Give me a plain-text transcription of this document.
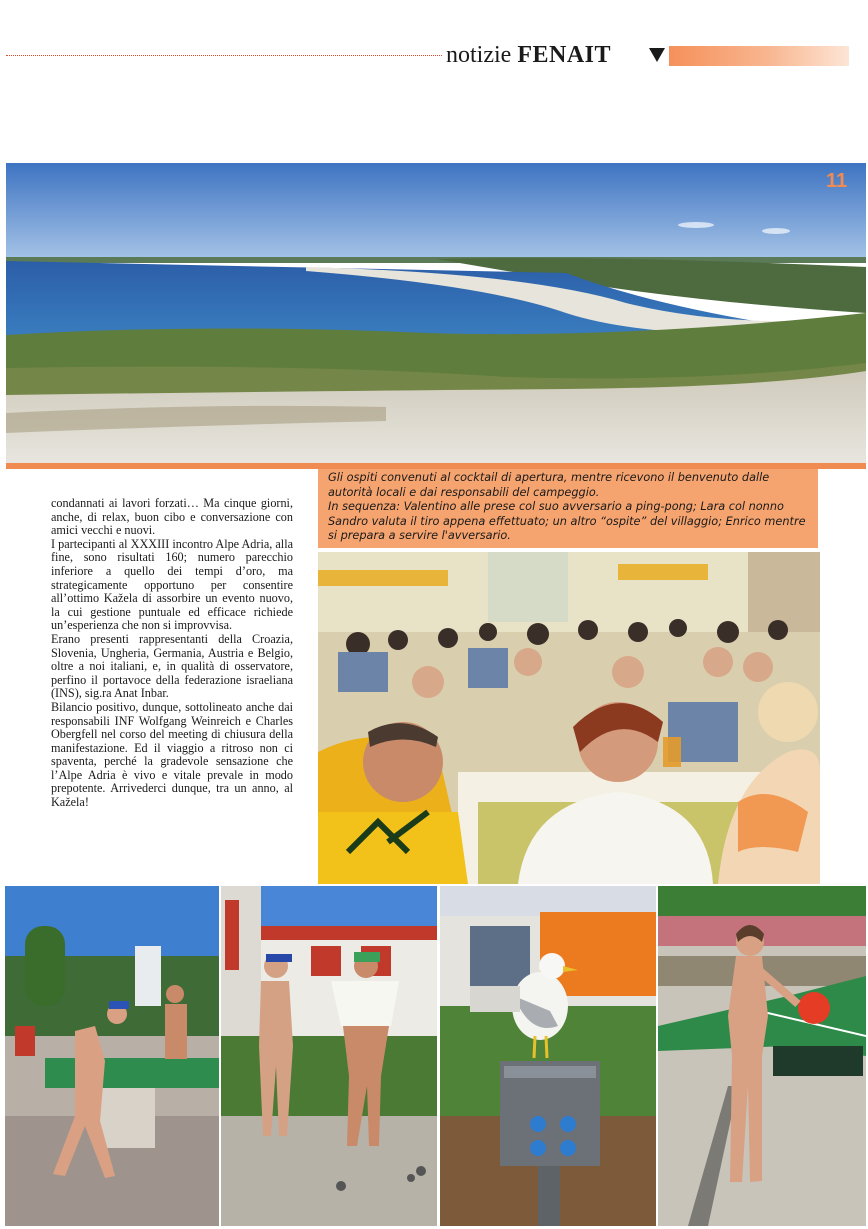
notizie FENAIT
11

Gli ospiti convenuti al cocktail di apertura, mentre ricevono il benvenuto dalle autorità locali e dai responsabili del campeggio.

In sequenza: Valentino alle prese col suo avversario a ping-pong; Lara col nonno Sandro valuta il tiro appena effettuato; un altro “ospite” del villaggio; Enrico mentre si prepara a servire l'avversario.

condannati ai lavori forzati… Ma cinque giorni, anche, di relax, buon cibo e conversazione con amici vecchi e nuovi.

I partecipanti al XXXIII incontro Alpe Adria, alla fine, sono risultati 160; numero parecchio inferiore a quello dei tempi d’oro, ma strategicamente opportuno per consentire all’ottimo Kažela di assorbire un evento nuovo, la cui gestione puntuale ed efficace richiede un’esperienza che non si improvvisa.

Erano presenti rappresentanti della Croazia, Slovenia, Ungheria, Germania, Austria e Belgio, oltre a noi italiani, e, in qualità di osservatore, perfino il portavoce della federazione israeliana (INS), sig.ra Anat Inbar.

Bilancio positivo, dunque, sottolineato anche dai responsabili INF Wolfgang Weinreich e Charles Obergfell nel corso del meeting di chiusura della manifestazione. Ed il viaggio a ritroso non ci spaventa, perché la gradevole sensazione che l’Alpe Adria è vivo e vitale prevale in modo prepotente. Arrivederci dunque, tra un anno, al Kažela!
